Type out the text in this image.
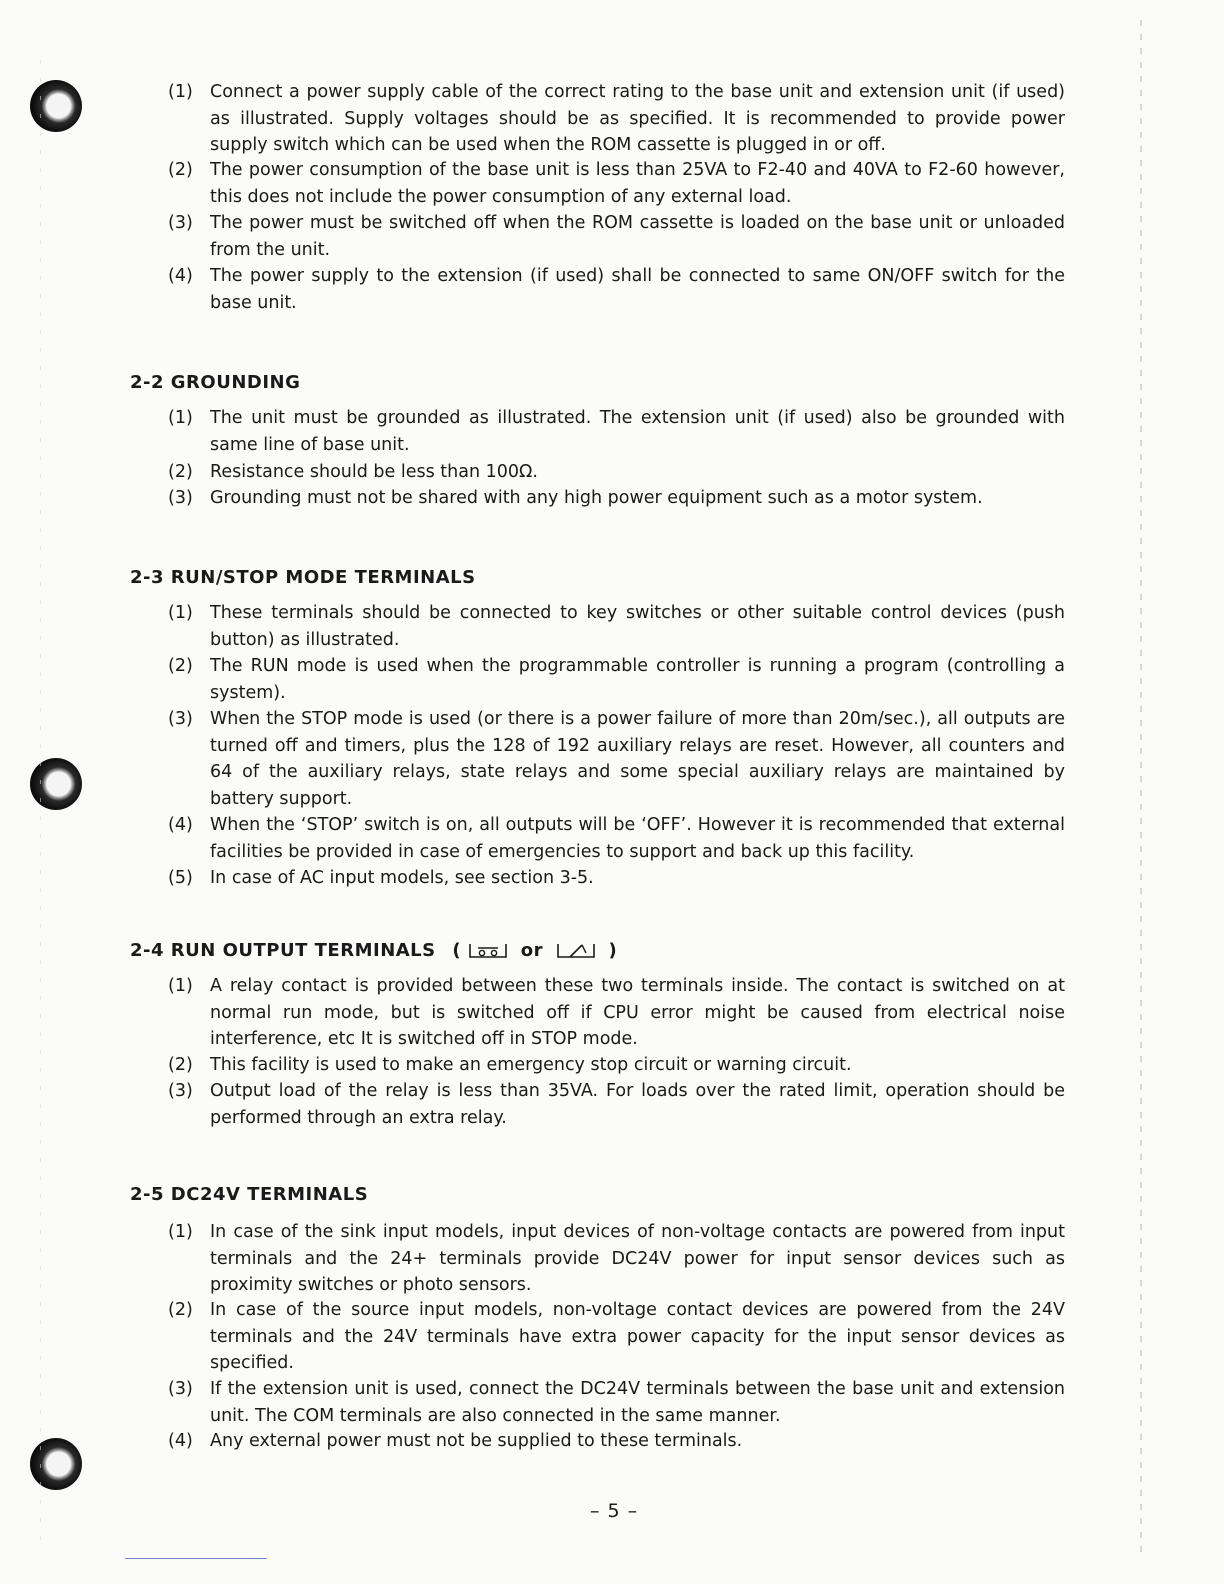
(1) Connect a power supply cable of the correct rating to the base unit and extension unit (if used) as illustrated. Supply voltages should be as specified. It is recommended to provide power supply switch which can be used when the ROM cassette is plugged in or off.
(2) The power consumption of the base unit is less than 25VA to F2-40 and 40VA to F2-60 however, this does not include the power consumption of any external load.
(3) The power must be switched off when the ROM cassette is loaded on the base unit or unloaded from the unit.
(4) The power supply to the extension (if used) shall be connected to same ON/OFF switch for the base unit.
2-2 GROUNDING
(1) The unit must be grounded as illustrated. The extension unit (if used) also be grounded with same line of base unit.
(2) Resistance should be less than 100Ω.
(3) Grounding must not be shared with any high power equipment such as a motor system.
2-3 RUN/STOP MODE TERMINALS
(1) These terminals should be connected to key switches or other suitable control devices (push button) as illustrated.
(2) The RUN mode is used when the programmable controller is running a program (controlling a system).
(3) When the STOP mode is used (or there is a power failure of more than 20m/sec.), all outputs are turned off and timers, plus the 128 of 192 auxiliary relays are reset. However, all counters and 64 of the auxiliary relays, state relays and some special auxiliary relays are maintained by battery support.
(4) When the ‘STOP’ switch is on, all outputs will be ‘OFF’. However it is recommended that external facilities be provided in case of emergencies to support and back up this facility.
(5) In case of AC input models, see section 3-5.
2-4 RUN OUTPUT TERMINALS (	or	)
(1) A relay contact is provided between these two terminals inside. The contact is switched on at normal run mode, but is switched off if CPU error might be caused from electrical noise interference, etc It is switched off in STOP mode.
(2) This facility is used to make an emergency stop circuit or warning circuit.
(3) Output load of the relay is less than 35VA. For loads over the rated limit, operation should be performed through an extra relay.
2-5 DC24V TERMINALS
(1) In case of the sink input models, input devices of non-voltage contacts are powered from input terminals and the 24+ terminals provide DC24V power for input sensor devices such as proximity switches or photo sensors.
(2) In case of the source input models, non-voltage contact devices are powered from the 24V terminals and the 24V terminals have extra power capacity for the input sensor devices as specified.
(3) If the extension unit is used, connect the DC24V terminals between the base unit and extension unit. The COM terminals are also connected in the same manner.
(4) Any external power must not be supplied to these terminals.
– 5 –
